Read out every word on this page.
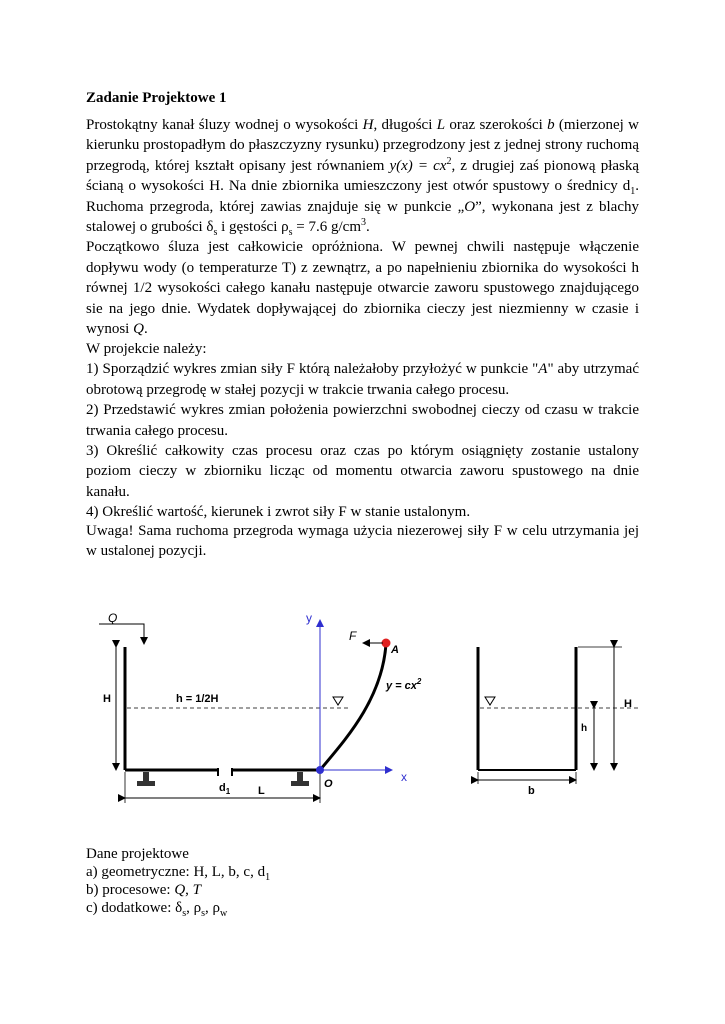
Zadanie Projektowe 1

Prostokątny kanał śluzy wodnej o wysokości H, długości L oraz szerokości b (mierzonej w kierunku prostopadłym do płaszczyzny rysunku) przegrodzony jest z jednej strony ruchomą przegrodą, której kształt opisany jest równaniem $y(x) = cx^2$, z drugiej zaś pionową płaską ścianą o wysokości H. Na dnie zbiornika umieszczony jest otwór spustowy o średnicy $d_1$. Ruchoma przegroda, której zawias znajduje się w punkcie „O”, wykonana jest z blachy stalowej o grubości $\delta_s$ i gęstości $\rho_s = 7.6$ $g/cm^3$.

Początkowo śluza jest całkowicie opróżniona. W pewnej chwili następuje włączenie dopływu wody (o temperaturze T) z zewnątrz, a po napełnieniu zbiornika do wysokości h równej 1/2 wysokości całego kanału następuje otwarcie zaworu spustowego znajdującego sie na jego dnie. Wydatek dopływającej do zbiornika cieczy jest niezmienny w czasie i wynosi Q.

W projekcie należy:

1) Sporządzić wykres zmian siły F którą należałoby przyłożyć w punkcie "A" aby utrzymać obrotową przegrodę w stałej pozycji w trakcie trwania całego procesu.

2) Przedstawić wykres zmian położenia powierzchni swobodnej cieczy od czasu w trakcie trwania całego procesu.

3) Określić całkowity czas procesu oraz czas po którym osiągnięty zostanie ustalony poziom cieczy w zbiorniku licząc od momentu otwarcia zaworu spustowego na dnie kanału.

4) Określić wartość, kierunek i zwrot siły F w stanie ustalonym.

Uwaga! Sama ruchoma przegroda wymaga użycia niezerowej siły F w celu utrzymania jej w ustalonej pozycji.

Q
H	h = 1/2H
$d_1$	L
y
x
O
A
$y = cx^2$
F
H
h
b

Dane projektowe

a) geometryczne: H, L, b, c, $d_1$

b) procesowe: Q, T

c) dodatkowe: $\delta_s$, $\rho_s$, $\rho_w$
